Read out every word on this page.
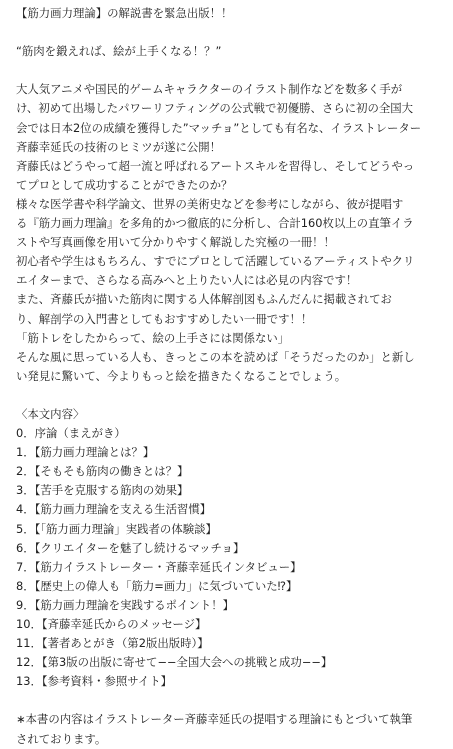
【筋力画力理論】の解説書を緊急出版！！
“筋肉を鍛えれば、絵が上手くなる！？”
大人気アニメや国民的ゲームキャラクターのイラスト制作などを数多く手が
け、初めて出場したパワーリフティングの公式戦で初優勝、さらに初の全国大
会では日本2位の成績を獲得した”マッチョ”としても有名な、イラストレーター
斉藤幸延氏の技術のヒミツが遂に公開！
斉藤氏はどうやって超一流と呼ばれるアートスキルを習得し、そしてどうやっ
てプロとして成功することができたのか？
様々な医学書や科学論文、世界の美術史などを参考にしながら、彼が提唱す
る『筋力画力理論』を多角的かつ徹底的に分析し、合計160枚以上の直筆イラ
ストや写真画像を用いて分かりやすく解説した究極の一冊！！
初心者や学生はもちろん、すでにプロとして活躍しているアーティストやクリ
エイターまで、さらなる高みへと上りたい人には必見の内容です！
また、斉藤氏が描いた筋肉に関する人体解剖図もふんだんに掲載されてお
り、解剖学の入門書としてもおすすめしたい一冊です！！
「筋トレをしたからって、絵の上手さには関係ない」
そんな風に思っている人も、きっとこの本を読めば「そうだったのか」と新し
い発見に驚いて、今よりもっと絵を描きたくなることでしょう。
〈本文内容〉
0．序論（まえがき）
1．【筋力画力理論とは？】
2．【そもそも筋肉の働きとは？】
3．【苦手を克服する筋肉の効果】
4．【筋力画力理論を支える生活習慣】
5．【「筋力画力理論」実践者の体験談】
6．【クリエイターを魅了し続けるマッチョ】
7．【筋力イラストレーター・斉藤幸延氏インタビュー】
8．【歴史上の偉人も「筋力=画力」に気づいていた⁉】
9．【筋力画力理論を実践するポイント！】
10．【斉藤幸延氏からのメッセージ】
11．【著者あとがき（第2版出版時）】
12．【第3版の出版に寄せて−−全国大会への挑戦と成功−−】
13．【参考資料・参照サイト】
∗本書の内容はイラストレーター斉藤幸延氏の提唱する理論にもとづいて執筆
されております。
